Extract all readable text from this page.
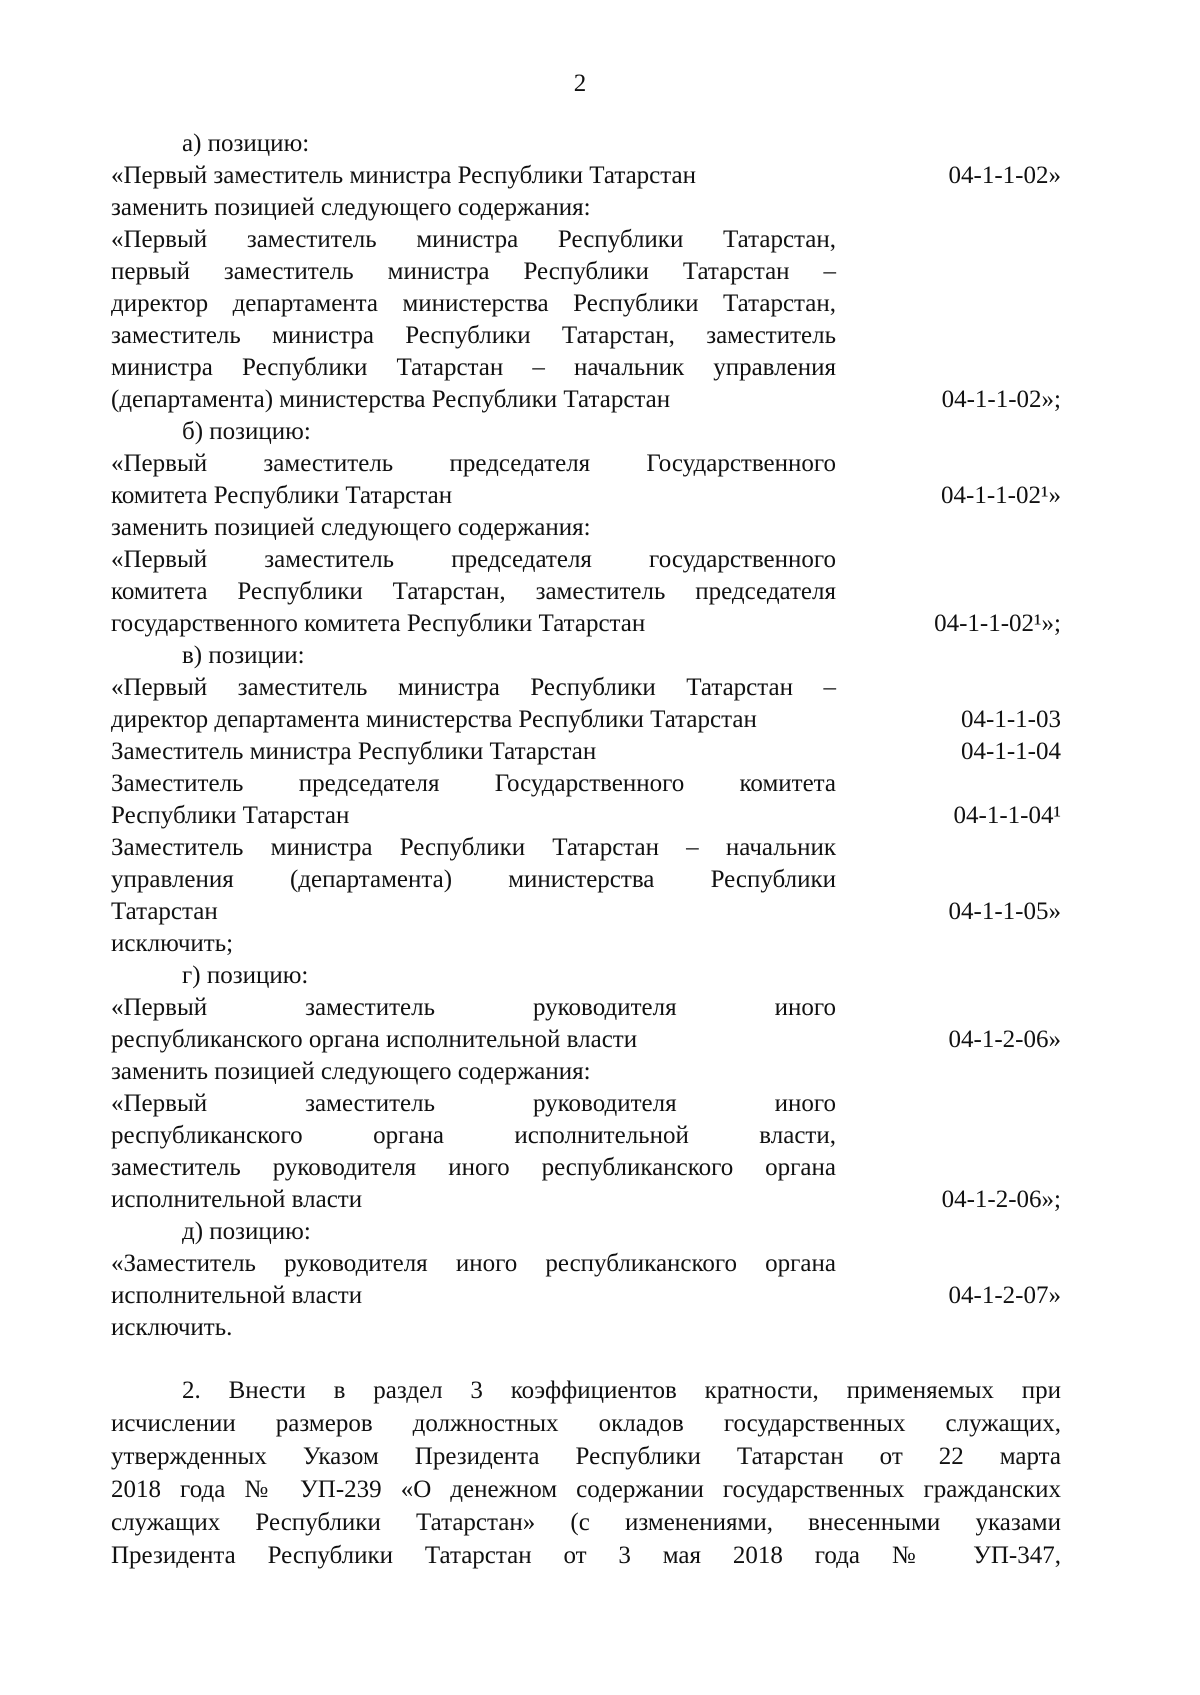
2
а) позицию:
«Первый заместитель министра Республики Татарстан	04-1-1-02»
заменить позицией следующего содержания:
«Первый заместитель министра Республики Татарстан,
первый заместитель министра Республики Татарстан –
директор департамента министерства Республики Татарстан,
заместитель министра Республики Татарстан, заместитель
министра Республики Татарстан – начальник управления
(департамента) министерства Республики Татарстан	04-1-1-02»;
б) позицию:
«Первый заместитель председателя Государственного
комитета Республики Татарстан	04-1-1-02¹»
заменить позицией следующего содержания:
«Первый заместитель председателя государственного
комитета Республики Татарстан, заместитель председателя
государственного комитета Республики Татарстан	04-1-1-02¹»;
в) позиции:
«Первый заместитель министра Республики Татарстан –
директор департамента министерства Республики Татарстан	04-1-1-03
Заместитель министра Республики Татарстан	04-1-1-04
Заместитель председателя Государственного комитета
Республики Татарстан	04-1-1-04¹
Заместитель министра Республики Татарстан – начальник
управления (департамента) министерства Республики
Татарстан	04-1-1-05»
исключить;
г) позицию:
«Первый заместитель руководителя иного
республиканского органа исполнительной власти	04-1-2-06»
заменить позицией следующего содержания:
«Первый заместитель руководителя иного
республиканского органа исполнительной власти,
заместитель руководителя иного республиканского органа
исполнительной власти	04-1-2-06»;
д) позицию:
«Заместитель руководителя иного республиканского органа
исполнительной власти	04-1-2-07»
исключить.
2. Внести в раздел 3 коэффициентов кратности, применяемых при
исчислении размеров должностных окладов государственных служащих,
утвержденных Указом Президента Республики Татарстан от 22 марта
2018 года № УП-239 «О денежном содержании государственных гражданских
служащих Республики Татарстан» (с изменениями, внесенными указами
Президента Республики Татарстан от 3 мая 2018 года № УП-347,
